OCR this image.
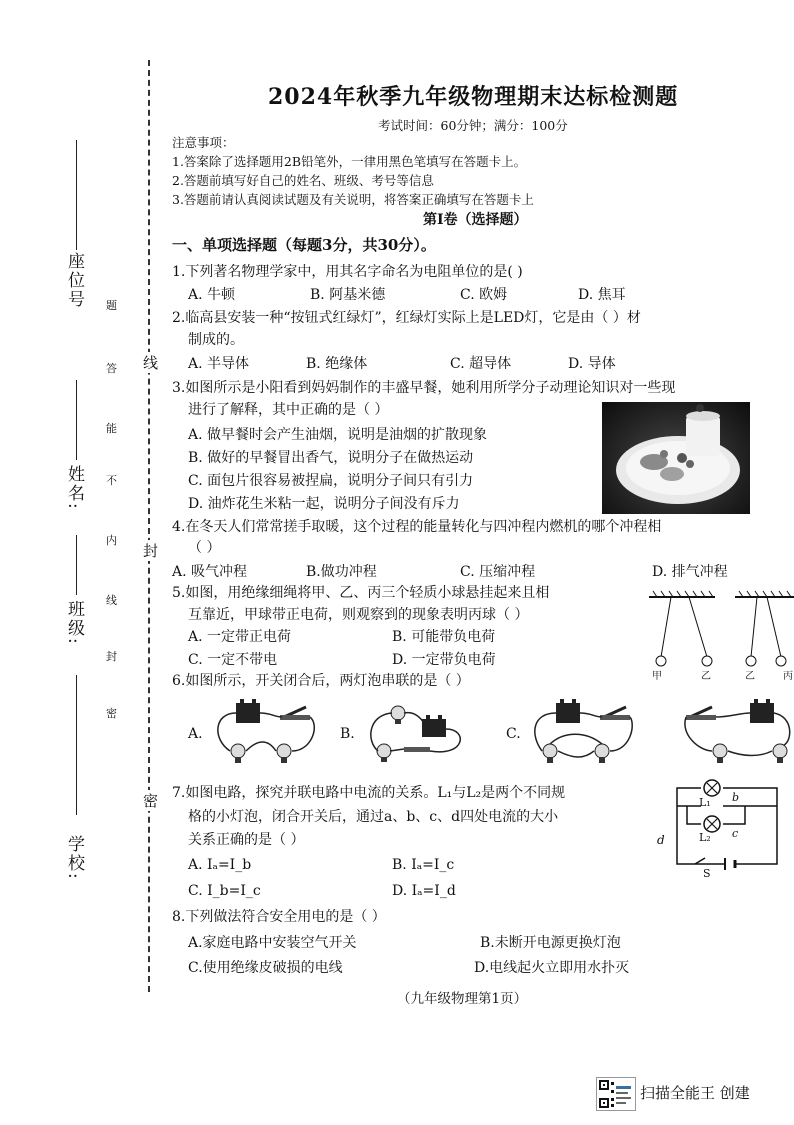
座位号
姓名:
班级:
学校:
题
答
能
不
内
线
封
密
线
封
密
2024年秋季九年级物理期末达标检测题
考试时间：60分钟；满分：100分
注意事项：
1.答案除了选择题用2B铅笔外，一律用黑色笔填写在答题卡上。
2.答题前填写好自己的姓名、班级、考号等信息
3.答题前请认真阅读试题及有关说明，将答案正确填写在答题卡上
第Ⅰ卷（选择题）
一、单项选择题（每题3分，共30分）。
1.下列著名物理学家中，用其名字命名为电阻单位的是( )
A. 牛顿	B. 阿基米德	C. 欧姆	D. 焦耳
2.临高县安装一种“按钮式红绿灯”，红绿灯实际上是LED灯，它是由（ ）材
制成的。
A. 半导体	B. 绝缘体	C. 超导体	D. 导体
3.如图所示是小阳看到妈妈制作的丰盛早餐，她利用所学分子动理论知识对一些现
进行了解释，其中正确的是（ ）
A. 做早餐时会产生油烟，说明是油烟的扩散现象
B. 做好的早餐冒出香气，说明分子在做热运动
C. 面包片很容易被捏扁，说明分子间只有引力
D. 油炸花生米粘一起，说明分子间没有斥力
4.在冬天人们常常搓手取暖，这个过程的能量转化与四冲程内燃机的哪个冲程相
（ ）
A. 吸气冲程	B.做功冲程	C. 压缩冲程	D. 排气冲程
5.如图，用绝缘细绳将甲、乙、丙三个轻质小球悬挂起来且相
互靠近，甲球带正电荷，则观察到的现象表明丙球（ ）
A. 一定带正电荷	B. 可能带负电荷
C. 一定不带电	D. 一定带负电荷
甲	乙	乙	丙
6.如图所示，开关闭合后，两灯泡串联的是（ ）
A.	B.	C.
7.如图电路，探究并联电路中电流的关系。L₁与L₂是两个不同规
格的小灯泡，闭合开关后，通过a、b、c、d四处电流的大小
关系正确的是（ ）
A. Iₐ=I_b	B. Iₐ=I_c
C. I_b=I_c	D. Iₐ=I_d
L₁ b
L₂ c
d
S
8.下列做法符合安全用电的是（ ）
A.家庭电路中安装空气开关	B.未断开电源更换灯泡
C.使用绝缘皮破损的电线	D.电线起火立即用水扑灭
（九年级物理第1页）
扫描全能王 创建
